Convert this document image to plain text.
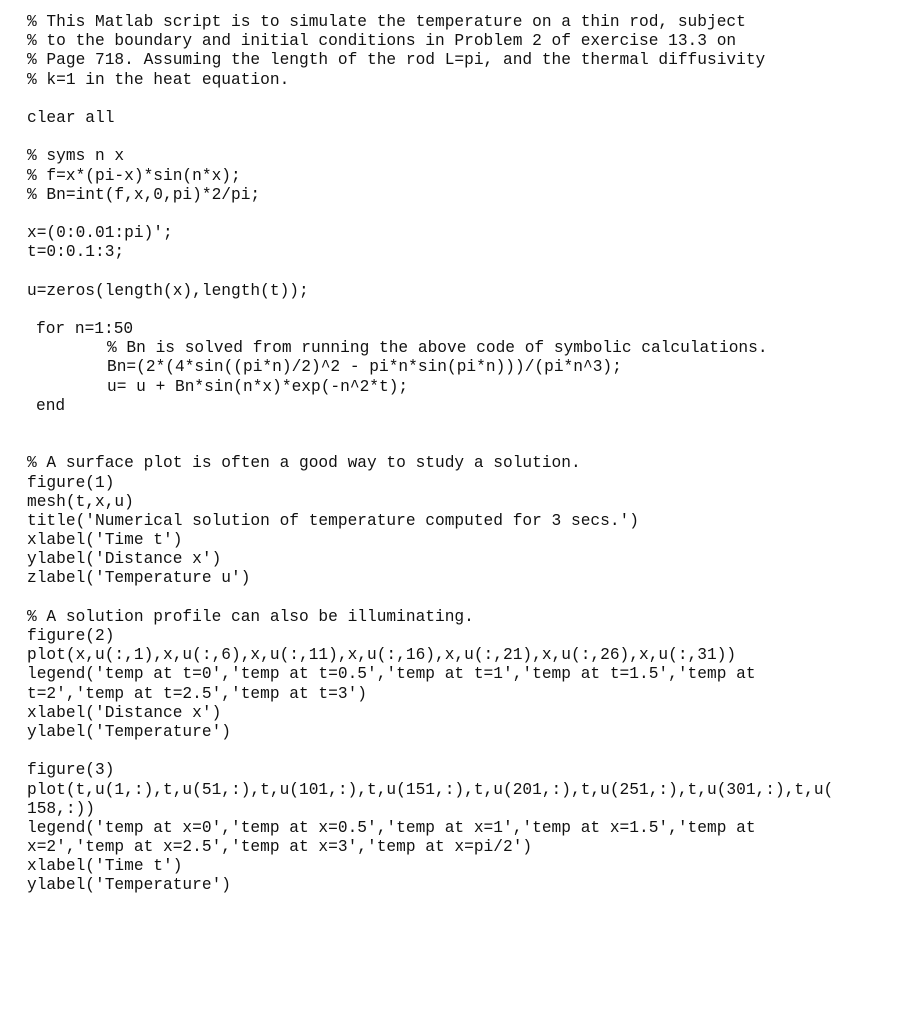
% This Matlab script is to simulate the temperature on a thin rod, subject
% to the boundary and initial conditions in Problem 2 of exercise 13.3 on
% Page 718. Assuming the length of the rod L=pi, and the thermal diffusivity
% k=1 in the heat equation.
clear all
% syms n x
% f=x*(pi-x)*sin(n*x);
% Bn=int(f,x,0,pi)*2/pi;
x=(0:0.01:pi)';
t=0:0.1:3;
u=zeros(length(x),length(t));
for n=1:50
% Bn is solved from running the above code of symbolic calculations.
Bn=(2*(4*sin((pi*n)/2)^2 - pi*n*sin(pi*n)))/(pi*n^3);
u= u + Bn*sin(n*x)*exp(-n^2*t);
end
% A surface plot is often a good way to study a solution.
figure(1)
mesh(t,x,u)
title('Numerical solution of temperature computed for 3 secs.')
xlabel('Time t')
ylabel('Distance x')
zlabel('Temperature u')
% A solution profile can also be illuminating.
figure(2)
plot(x,u(:,1),x,u(:,6),x,u(:,11),x,u(:,16),x,u(:,21),x,u(:,26),x,u(:,31))
legend('temp at t=0','temp at t=0.5','temp at t=1','temp at t=1.5','temp at
t=2','temp at t=2.5','temp at t=3')
xlabel('Distance x')
ylabel('Temperature')
figure(3)
plot(t,u(1,:),t,u(51,:),t,u(101,:),t,u(151,:),t,u(201,:),t,u(251,:),t,u(301,:),t,u(
158,:))
legend('temp at x=0','temp at x=0.5','temp at x=1','temp at x=1.5','temp at
x=2','temp at x=2.5','temp at x=3','temp at x=pi/2')
xlabel('Time t')
ylabel('Temperature')
